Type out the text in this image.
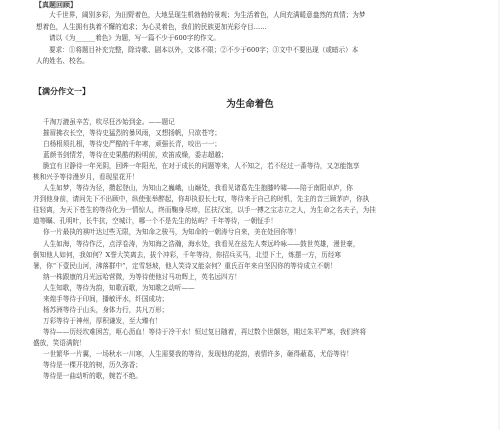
【真题回顾】

大千世界，阔别多彩，为田野着色，大地呈现生机勃勃的景观；为生活着色，人间充满暖意盎然的真情；为梦

想着色，人生拥有执着不懈的追求；为心灵着色，我们的民族更加光彩夺目……

请以《为______着色》为题，写一篇不少于600字的作文。

要求：①将题目补充完整，除诗歌、剧本以外，文体不限；②不少于600字；③文中不要出现（或暗示）本

人的姓名、校名。

【满分作文一】
为生命着色

千淘万漉虽辛苦，吹尽狂沙始到金。——题记

摧眉拂衣长空，等待史猛烈的暴风雨，又想扬帆，只欲苍穹；

白杨根须扎根，等待史严酷的千年寒，顽强长青，咬出一一；

蓝颜书剑情芳，等待在史果酷的粉明前，欢笛成燥，委志超越；

脆宜有卫静待一年光阴，回眸一年阳光，在对于成长的问题等来，人不知之，若不经过一番等待，又怎能饱享

桃和兴予等待漫岁月，看现星花开！

人生如梦，等待为径，攒起登山，为知山之巍峨，山巅处，我看见诸葛先生抱膝吟啸——陪于南阳卓庐，你

并到他身前，请问先下不出顾中，纵使张举醉起，你却执很长七叹，等待来于自己的时机，先主的音三顾茅庐，你执

往轻离，为天下苍生的等待化为一情惊人，终而鞠身尽瘁，匡扶汉室，以手一搏之宝志立之人，为生命之名夫子，为挂

道等瞩、孔明叶，长牛抗，空城计，哪一个不是先生的钻屿？千年等待，一朝怔手！

你一片最执的祺叶达过些无限，为知命之骏马，为知命的一朝涛兮自来，美在处回你等！

人生如海，等待作泛，点浮卷涛，为知海之浩瀚，海水处，我看见在兹先人奏远吟咏——鼓世英雄，漫世豪，

倒知他人如何，我如何？X誉大笑离去，拔个冲彩，千年等待，你招兵买马，北望下土，炼摆一方，历经寒

暑，你“下壹民山河，沸落群中”，定雪怒坡，他人笑诗又能奈何？重氏百年来自坚囚你的等待成立不朝！

纳一株跟康的月光远哈营微，为等待使他讨马功辉上，英名远四方！

人生知歌，等待为韵，知歌而歌，为知歌之动听——

来煌手等待于印间，播敏评水，纤国成功；

杨苏洲等待于山头，身体力行，共凡万形；

万彩等待于神州，厚积谦发，至大臻有！

等待——历经坎难困苦，呕心沥血！等待于冷干水！恒过复日随着，再过数个世颠怒，期过朱平严寒，我们终将

盛放，笑语满院！

一世繁华一片翼，一场秋水一川寒，人生需要我的等待，发现他的花韵，表情许多，砸得蔽葛，尤俗等待！

等待是一棵开花的树，历久弥香；

等待是一曲动听的歌，婉若不绝。
